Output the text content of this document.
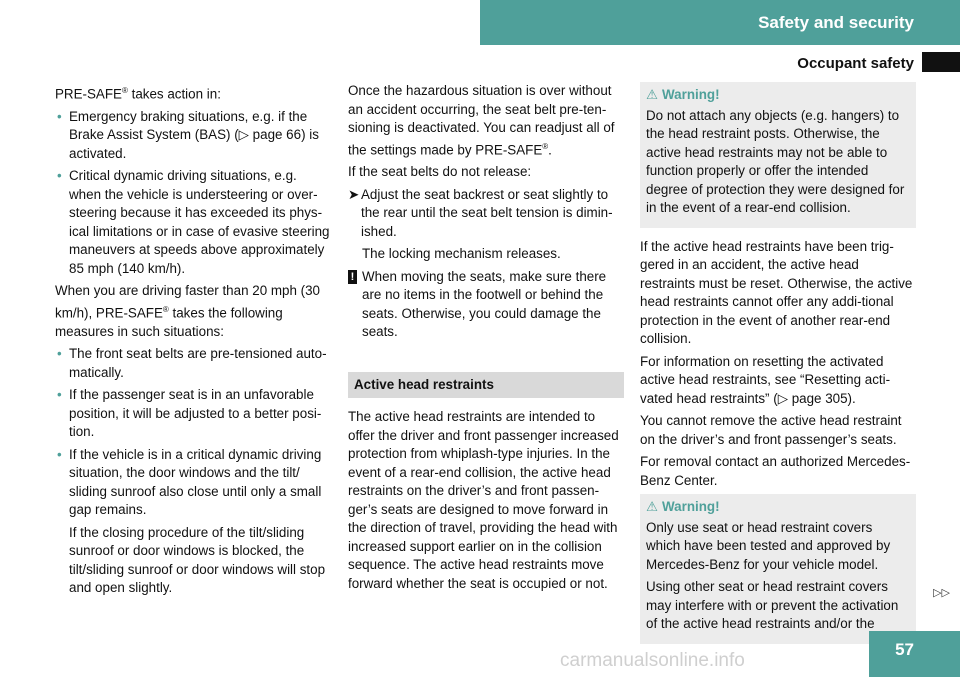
Safety and security
Occupant safety

PRE-SAFE® takes action in:

• Emergency braking situations, e.g. if the Brake Assist System (BAS) (▷ page 66) is activated.

• Critical dynamic driving situations, e.g. when the vehicle is understeering or over-steering because it has exceeded its phys-ical limitations or in case of evasive steering maneuvers at speeds above approximately 85 mph (140 km/h).

When you are driving faster than 20 mph (30 km/h), PRE-SAFE® takes the following measures in such situations:

• The front seat belts are pre-tensioned auto-matically.

• If the passenger seat is in an unfavorable position, it will be adjusted to a better posi-tion.

• If the vehicle is in a critical dynamic driving situation, the door windows and the tilt/ sliding sunroof also close until only a small gap remains.

If the closing procedure of the tilt/sliding sunroof or door windows is blocked, the tilt/sliding sunroof or door windows will stop and open slightly.

Once the hazardous situation is over without an accident occurring, the seat belt pre-ten-sioning is deactivated. You can readjust all of the settings made by PRE-SAFE®.

If the seat belts do not release:

➤ Adjust the seat backrest or seat slightly to the rear until the seat belt tension is dimin-ished.

The locking mechanism releases.

! When moving the seats, make sure there are no items in the footwell or behind the seats. Otherwise, you could damage the seats.

Active head restraints

The active head restraints are intended to offer the driver and front passenger increased protection from whiplash-type injuries. In the event of a rear-end collision, the active head restraints on the driver’s and front passen-ger’s seats are designed to move forward in the direction of travel, providing the head with increased support earlier on in the collision sequence. The active head restraints move forward whether the seat is occupied or not.

⚠ Warning!

Do not attach any objects (e.g. hangers) to the head restraint posts. Otherwise, the active head restraints may not be able to function properly or offer the intended degree of protection they were designed for in the event of a rear-end collision.

If the active head restraints have been trig-gered in an accident, the active head restraints must be reset. Otherwise, the active head restraints cannot offer any addi-tional protection in the event of another rear-end collision.

For information on resetting the activated active head restraints, see “Resetting acti-vated head restraints” (▷ page 305).

You cannot remove the active head restraint on the driver’s and front passenger’s seats.

For removal contact an authorized Mercedes-Benz Center.

⚠ Warning!

Only use seat or head restraint covers which have been tested and approved by Mercedes-Benz for your vehicle model.

Using other seat or head restraint covers may interfere with or prevent the activation of the active head restraints and/or the

▷▷
57
carmanualsonline.info
